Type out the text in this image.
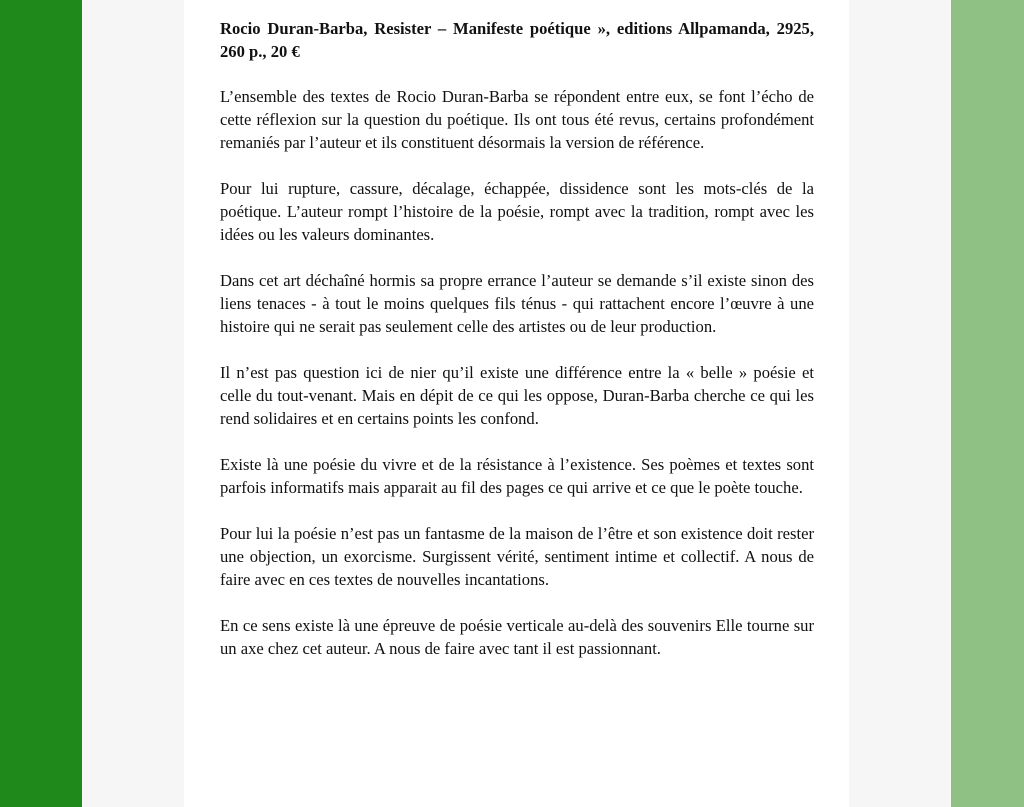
Rocio Duran-Barba, Resister – Manifeste poétique », editions Allpamanda, 2925, 260 p., 20 €

L’ensemble des textes de Rocio Duran-Barba se répondent entre eux, se font l’écho de cette réflexion sur la question du poétique. Ils ont tous été revus, certains profondément remaniés par l’auteur et ils constituent désormais la version de référence.

Pour lui rupture, cassure, décalage, échappée, dissidence sont les mots-clés de la poétique. L’auteur rompt l’histoire de la poésie, rompt avec la tradition, rompt avec les idées ou les valeurs dominantes.

Dans cet art déchaîné hormis sa propre errance l’auteur se demande s’il existe sinon des liens tenaces - à tout le moins quelques fils ténus - qui rattachent encore l’œuvre à une histoire qui ne serait pas seulement celle des artistes ou de leur production.

Il n’est pas question ici de nier qu’il existe une différence entre la « belle » poésie et celle du tout-venant. Mais en dépit de ce qui les oppose, Duran-Barba cherche ce qui les rend solidaires et en certains points les confond.

Existe là une poésie du vivre et de la résistance à l’existence. Ses poèmes et textes sont parfois informatifs mais apparait au fil des pages ce qui arrive et ce que le poète touche.

Pour lui la poésie n’est pas un fantasme de la maison de l’être et son existence doit rester une objection, un exorcisme. Surgissent vérité, sentiment intime et collectif. A nous de faire avec en ces textes de nouvelles incantations.

En ce sens existe là une épreuve de poésie verticale au-delà des souvenirs Elle tourne sur un axe chez cet auteur. A nous de faire avec tant il est passionnant.
